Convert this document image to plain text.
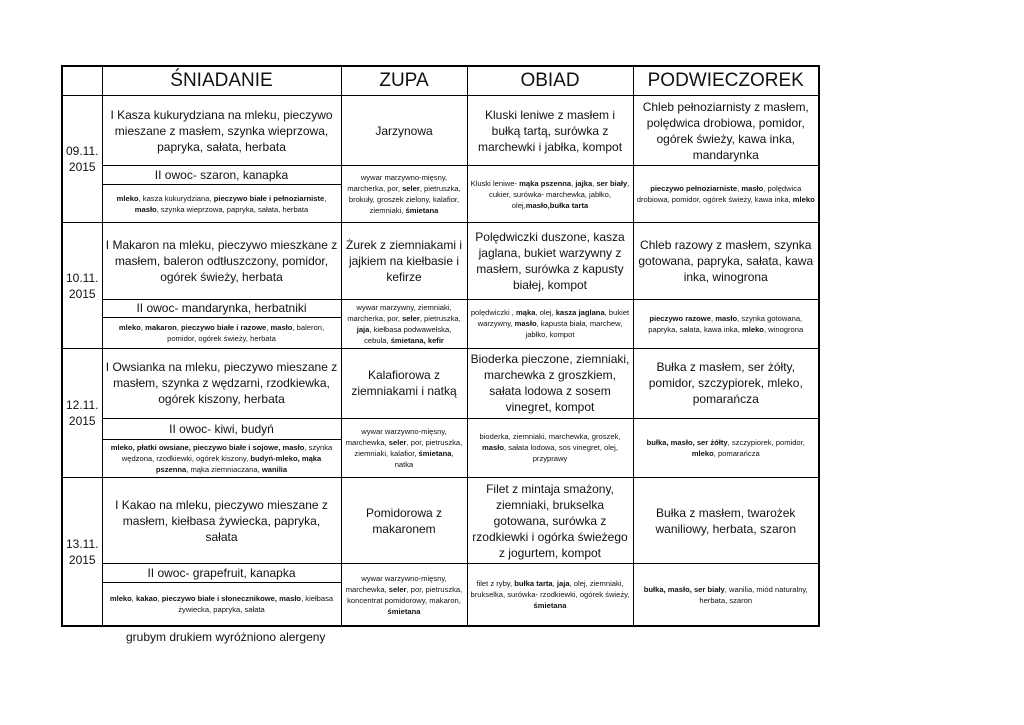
	ŚNIADANIE	ZUPA	OBIAD	PODWIECZOREK
09.11. 2015	I Kasza kukurydziana na mleku, pieczywo mieszane z masłem, szynka wieprzowa, papryka, sałata, herbata	Jarzynowa	Kluski leniwe z masłem i bułką tartą, surówka z marchewki i jabłka, kompot	Chleb pełnoziarnisty z masłem, polędwica drobiowa, pomidor, ogórek świeży, kawa inka, mandarynka
	II owoc- szaron, kanapka	wywar marzywno-mięsny, marcherka, por, seler, pietruszka, brokuły, groszek zielony, kalafior, ziemniaki, śmietana	Kluski leniwe- mąka pszenna, jajka, ser biały, cukier, surówka- marchewka, jabłko, olej,masło,bułka tarta	pieczywo pełnoziarniste, masło, polędwica drobiowa, pomidor, ogórek świeży, kawa inka, mleko
	mleko, kasza kukurydziana, pieczywo białe i pełnoziarniste, masło, szynka wieprzowa, papryka, sałata, herbata			
10.11. 2015	I Makaron na mleku, pieczywo mieszkane z masłem, baleron odtłuszczony, pomidor, ogórek świeży, herbata	Żurek z ziemniakami i jajkiem na kiełbasie i kefirze	Polędwiczki duszone, kasza jaglana, bukiet warzywny z masłem, surówka z kapusty białej, kompot	Chleb razowy z masłem, szynka gotowana, papryka, sałata, kawa inka, winogrona
	II owoc- mandarynka, herbatniki	wywar marzywny, ziemniaki, marcherka, por, seler, pietruszka, jaja, kiełbasa podwawelska, cebula, śmietana, kefir	polędwiczki , mąka, olej, kasza jaglana, bukiet warzywny, masło, kapusta biała, marchew, jabłko, kompot	pieczywo razowe, masło, szynka gotowana, papryka, sałata, kawa inka, mleko, winogrona
	mleko, makaron, pieczywo białe i razowe, masło, baleron, pomidor, ogórek świeży, herbata			
12.11. 2015	I Owsianka na mleku, pieczywo mieszane z masłem, szynka z wędzarni, rzodkiewka, ogórek kiszony, herbata	Kalafiorowa z ziemniakami i natką	Bioderka pieczone, ziemniaki, marchewka z groszkiem, sałata lodowa z sosem vinegret, kompot	Bułka z masłem, ser żółty, pomidor, szczypiorek, mleko, pomarańcza
	II owoc- kiwi, budyń	wywar warzywno-mięsny, marchewka, seler, por, pietruszka, ziemniaki, kalafior, śmietana, natka	bioderka, ziemniaki, marchewka, groszek, masło, sałata lodowa, sos vinegret, olej, przyprawy	bułka, masło, ser żółty, szczypiorek, pomidor, mleko, pomarańcza
	mleko, płatki owsiane, pieczywo białe i sojowe, masło, szynka wędzona, rzodkiewki, ogórek kiszony, budyń-mleko, mąka pszenna, mąka ziemniaczana, wanilia			
13.11. 2015	I Kakao na mleku, pieczywo mieszane z masłem, kiełbasa żywiecka, papryka, sałata	Pomidorowa z makaronem	Filet z mintaja smażony, ziemniaki, brukselka gotowana, surówka z rzodkiewki i ogórka świeżego z jogurtem, kompot	Bułka z masłem, twarożek waniliowy, herbata, szaron
	II owoc- grapefruit, kanapka	wywar warzywno-mięsny, marchewka, seler, por, pietruszka, koncentrat pomidorowy, makaron, śmietana	filet z ryby, bułka tarta, jaja, olej, ziemniaki, brukselka, surówka- rzodkiewki, ogórek świeży, śmietana	bułka, masło, ser biały, wanilia, miód naturalny, herbata, szaron
	mleko, kakao, pieczywo białe i słonecznikowe, masło, kiełbasa żywiecka, papryka, sałata			
grubym drukiem wyróżniono alergeny
